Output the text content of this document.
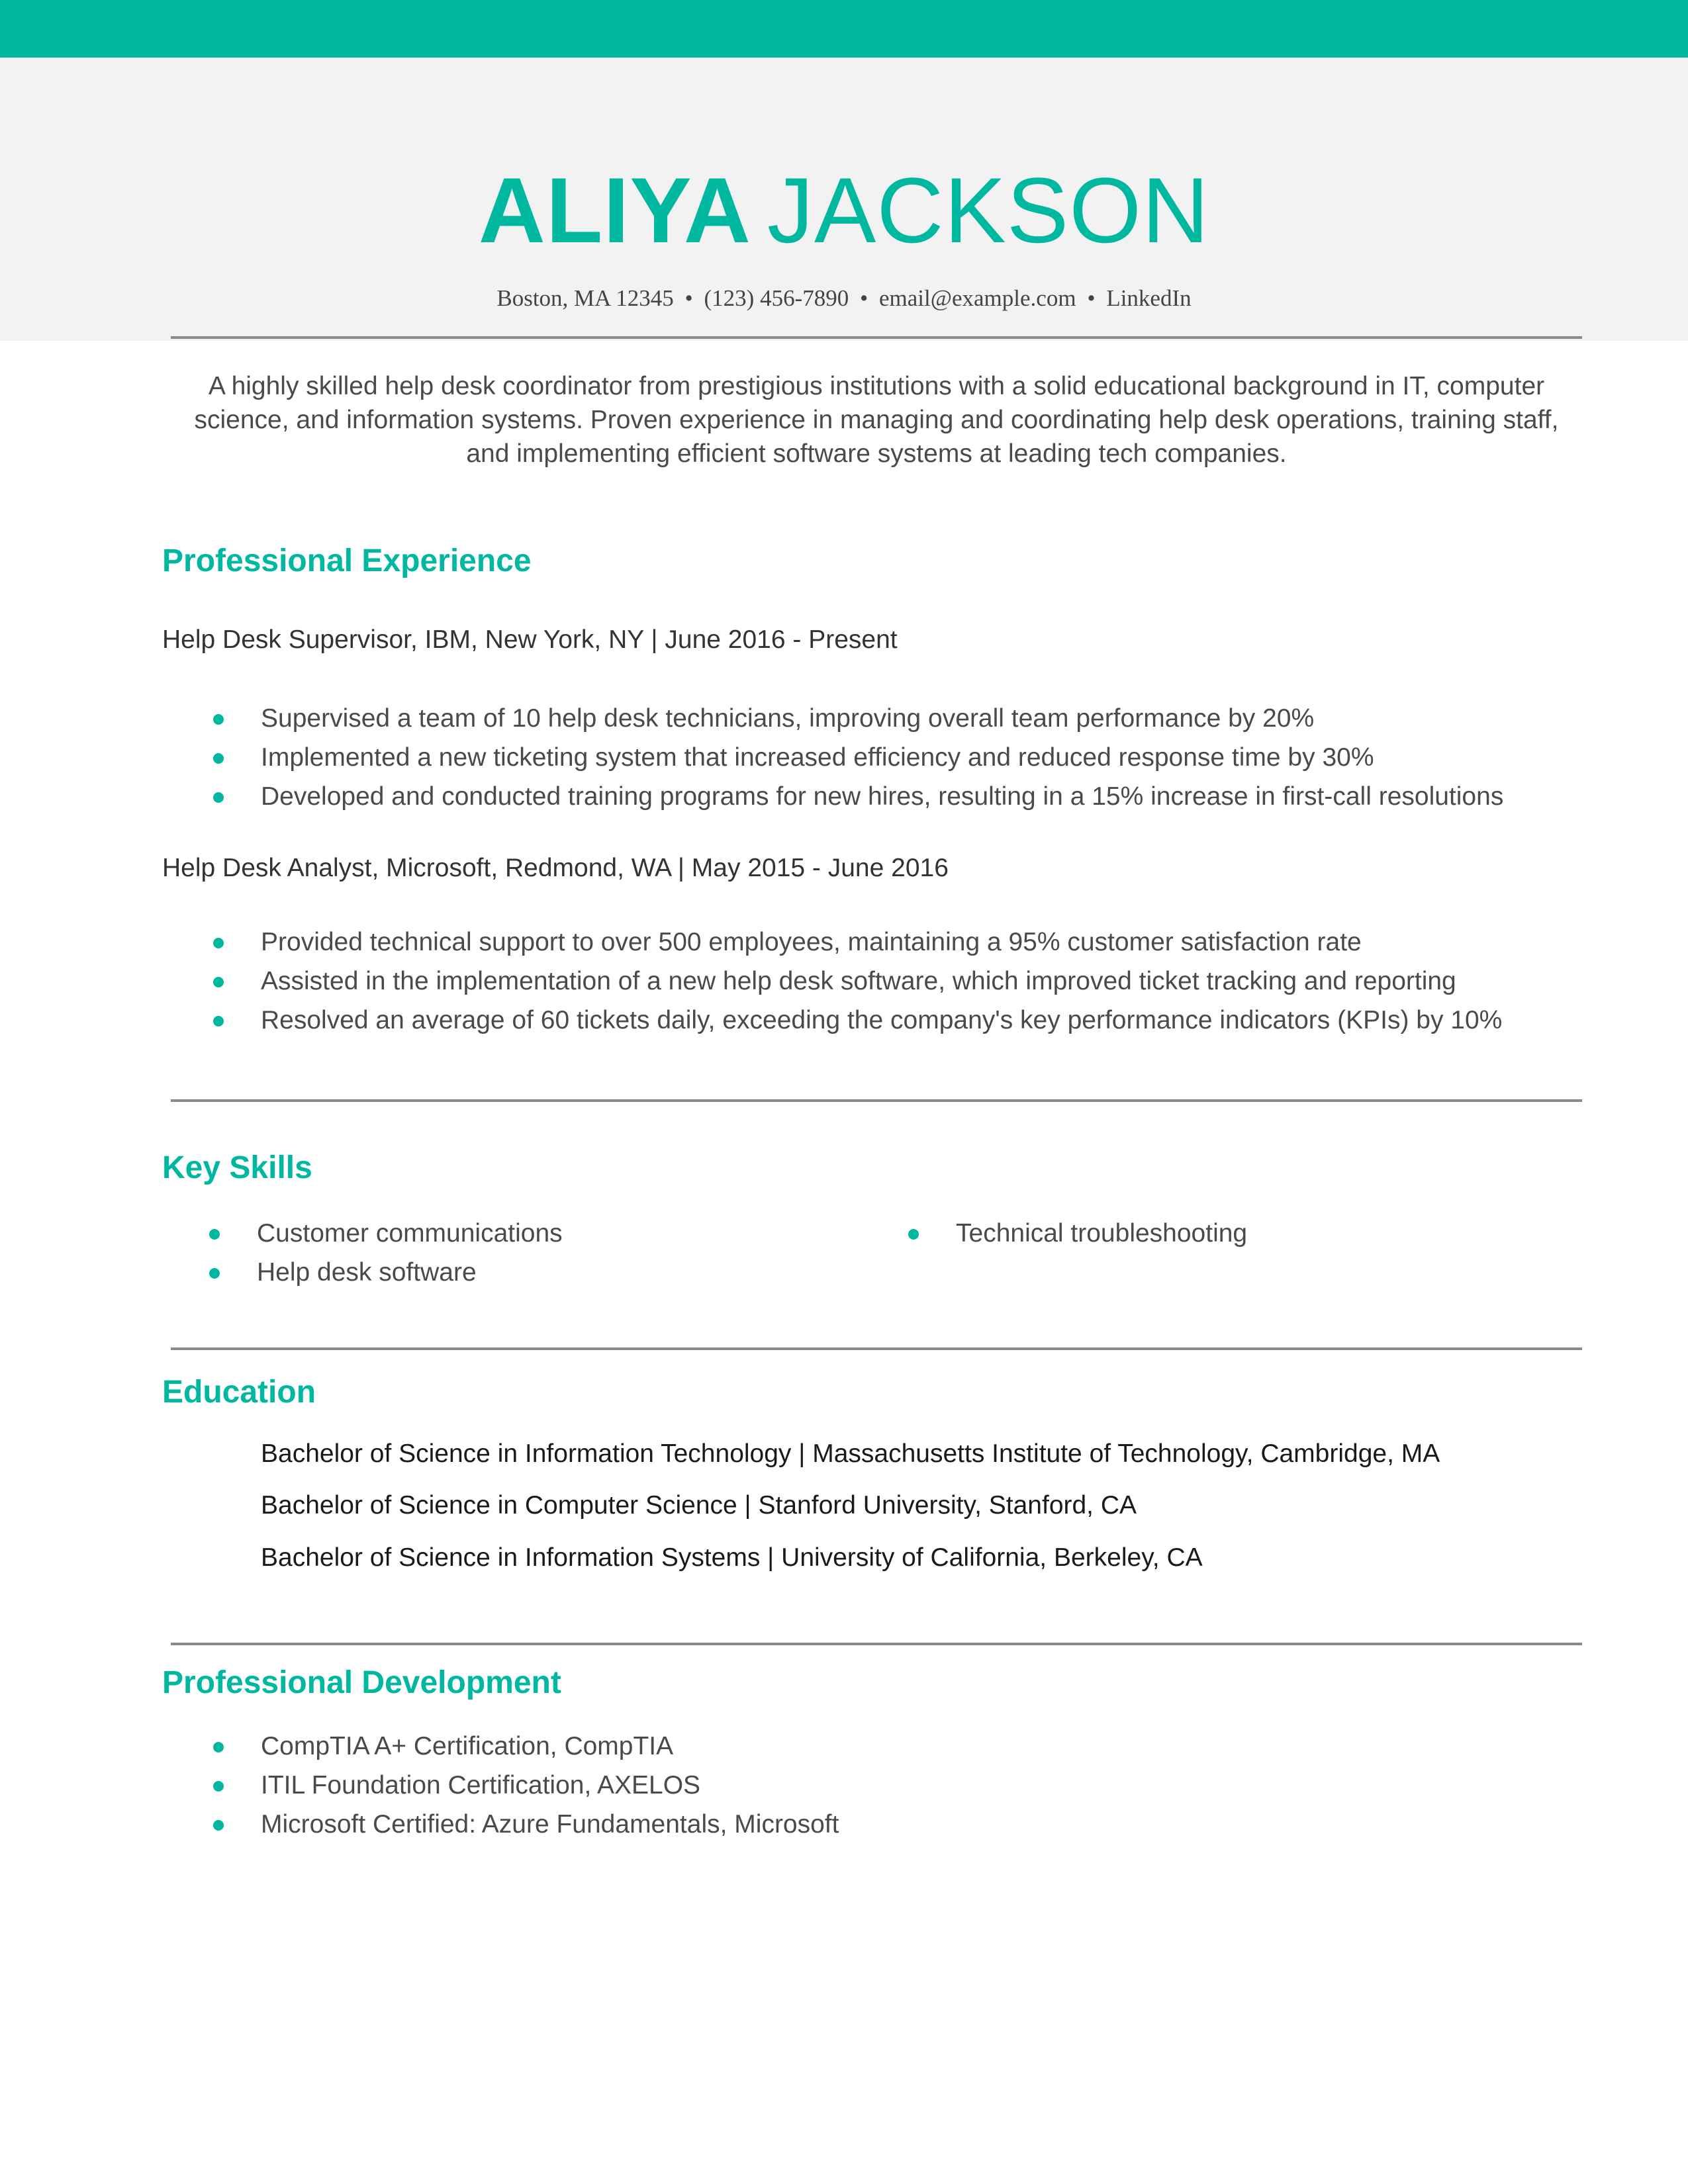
ALIYA JACKSON
Boston, MA 12345 • (123) 456-7890 • email@example.com • LinkedIn
A highly skilled help desk coordinator from prestigious institutions with a solid educational background in IT, computer science, and information systems. Proven experience in managing and coordinating help desk operations, training staff, and implementing efficient software systems at leading tech companies.
Professional Experience
Help Desk Supervisor, IBM, New York, NY | June 2016 - Present
Supervised a team of 10 help desk technicians, improving overall team performance by 20%
Implemented a new ticketing system that increased efficiency and reduced response time by 30%
Developed and conducted training programs for new hires, resulting in a 15% increase in first-call resolutions
Help Desk Analyst, Microsoft, Redmond, WA | May 2015 - June 2016
Provided technical support to over 500 employees, maintaining a 95% customer satisfaction rate
Assisted in the implementation of a new help desk software, which improved ticket tracking and reporting
Resolved an average of 60 tickets daily, exceeding the company's key performance indicators (KPIs) by 10%
Key Skills
Customer communications
Help desk software
Technical troubleshooting
Education
Bachelor of Science in Information Technology | Massachusetts Institute of Technology, Cambridge, MA
Bachelor of Science in Computer Science | Stanford University, Stanford, CA
Bachelor of Science in Information Systems | University of California, Berkeley, CA
Professional Development
CompTIA A+ Certification, CompTIA
ITIL Foundation Certification, AXELOS
Microsoft Certified: Azure Fundamentals, Microsoft
